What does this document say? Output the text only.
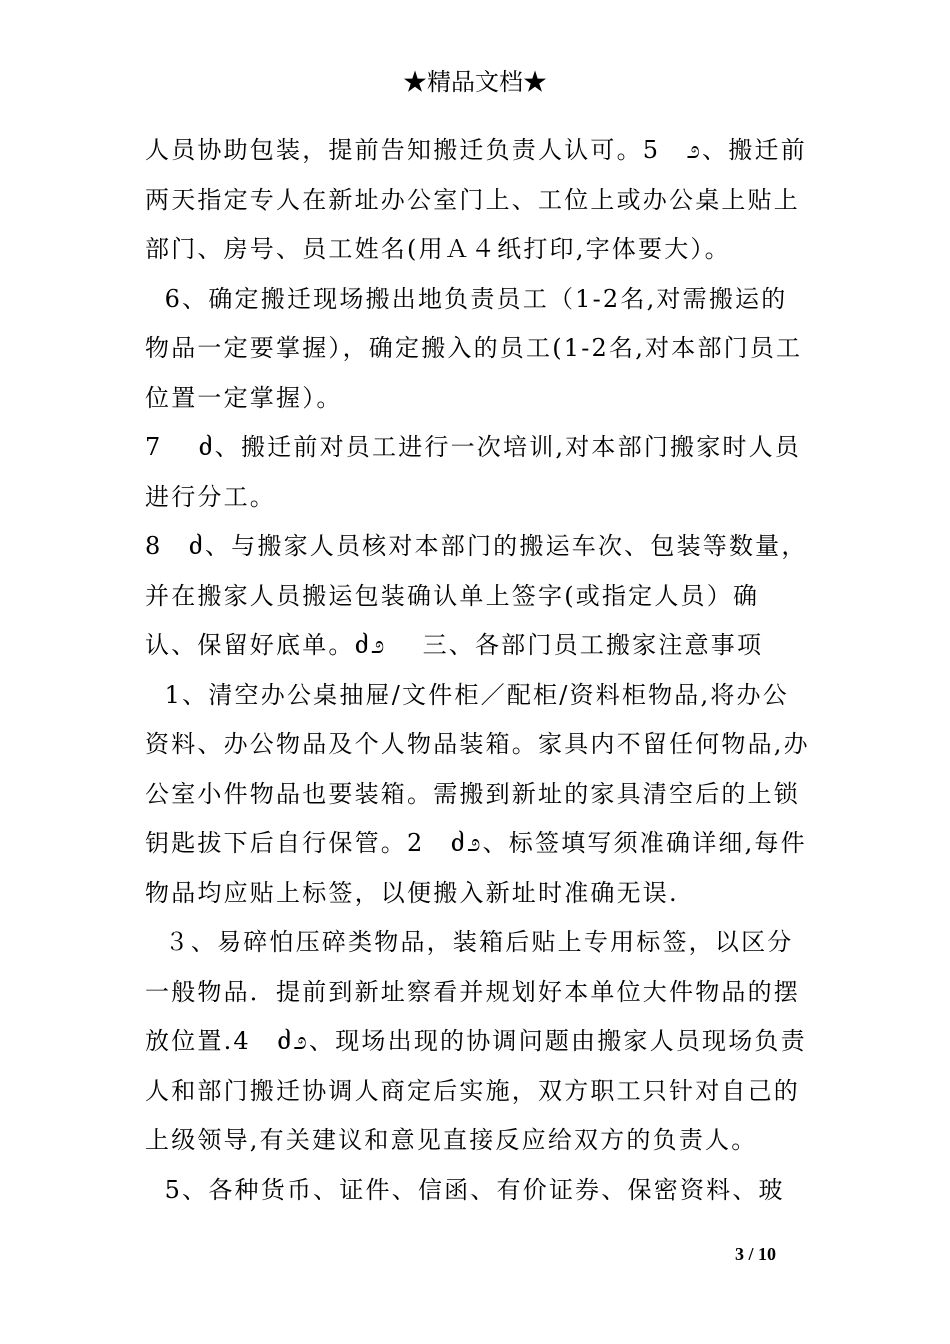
★精品文档★

人员协助包装，提前告知搬迁负责人认可。5　೨、搬迁前两天指定专人在新址办公室门上、工位上或办公桌上贴上部门、房号、员工姓名(用Ａ４纸打印,字体要大）。

6、确定搬迁现场搬出地负责员工（1-2名,对需搬运的物品一定要掌握），确定搬入的员工(1-2名,对本部门员工位置一定掌握）。

7　 ძ、搬迁前对员工进行一次培训,对本部门搬家时人员进行分工。

8　ძ、与搬家人员核对本部门的搬运车次、包装等数量，并在搬家人员搬运包装确认单上签字(或指定人员）确认、保留好底单。ძ೨　 三、各部门员工搬家注意事项

1、清空办公桌抽屉/文件柜／配柜/资料柜物品,将办公资料、办公物品及个人物品装箱。家具内不留任何物品,办公室小件物品也要装箱。需搬到新址的家具清空后的上锁钥匙拔下后自行保管。2　ძ೨、标签填写须准确详细,每件物品均应贴上标签，以便搬入新址时准确无误.

３、易碎怕压碎类物品，装箱后贴上专用标签，以区分一般物品．提前到新址察看并规划好本单位大件物品的摆放位置.4　ძ೨、现场出现的协调问题由搬家人员现场负责人和部门搬迁协调人商定后实施，双方职工只针对自己的上级领导,有关建议和意见直接反应给双方的负责人。

5、各种货币、证件、信函、有价证券、保密资料、玻

3 / 10
